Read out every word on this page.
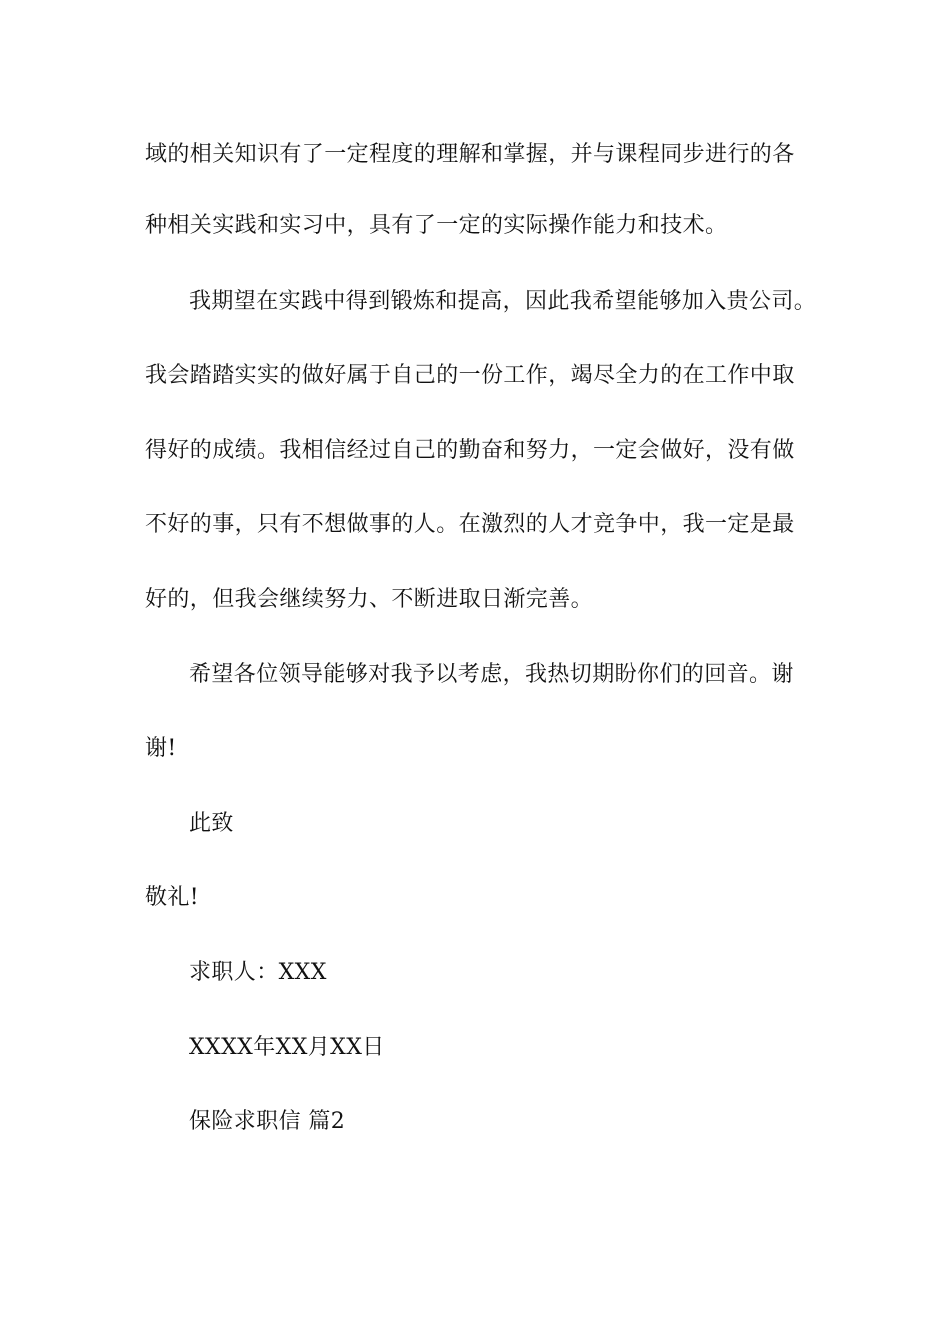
域的相关知识有了一定程度的理解和掌握，并与课程同步进行的各
种相关实践和实习中，具有了一定的实际操作能力和技术。
我期望在实践中得到锻炼和提高，因此我希望能够加入贵公司。
我会踏踏实实的做好属于自己的一份工作，竭尽全力的在工作中取
得好的成绩。我相信经过自己的勤奋和努力，一定会做好，没有做
不好的事，只有不想做事的人。在激烈的人才竞争中，我一定是最
好的，但我会继续努力、不断进取日渐完善。
希望各位领导能够对我予以考虑，我热切期盼你们的回音。谢
谢!
此致
敬礼!
求职人：XXX
XXXX年XX月XX日
保险求职信 篇2
